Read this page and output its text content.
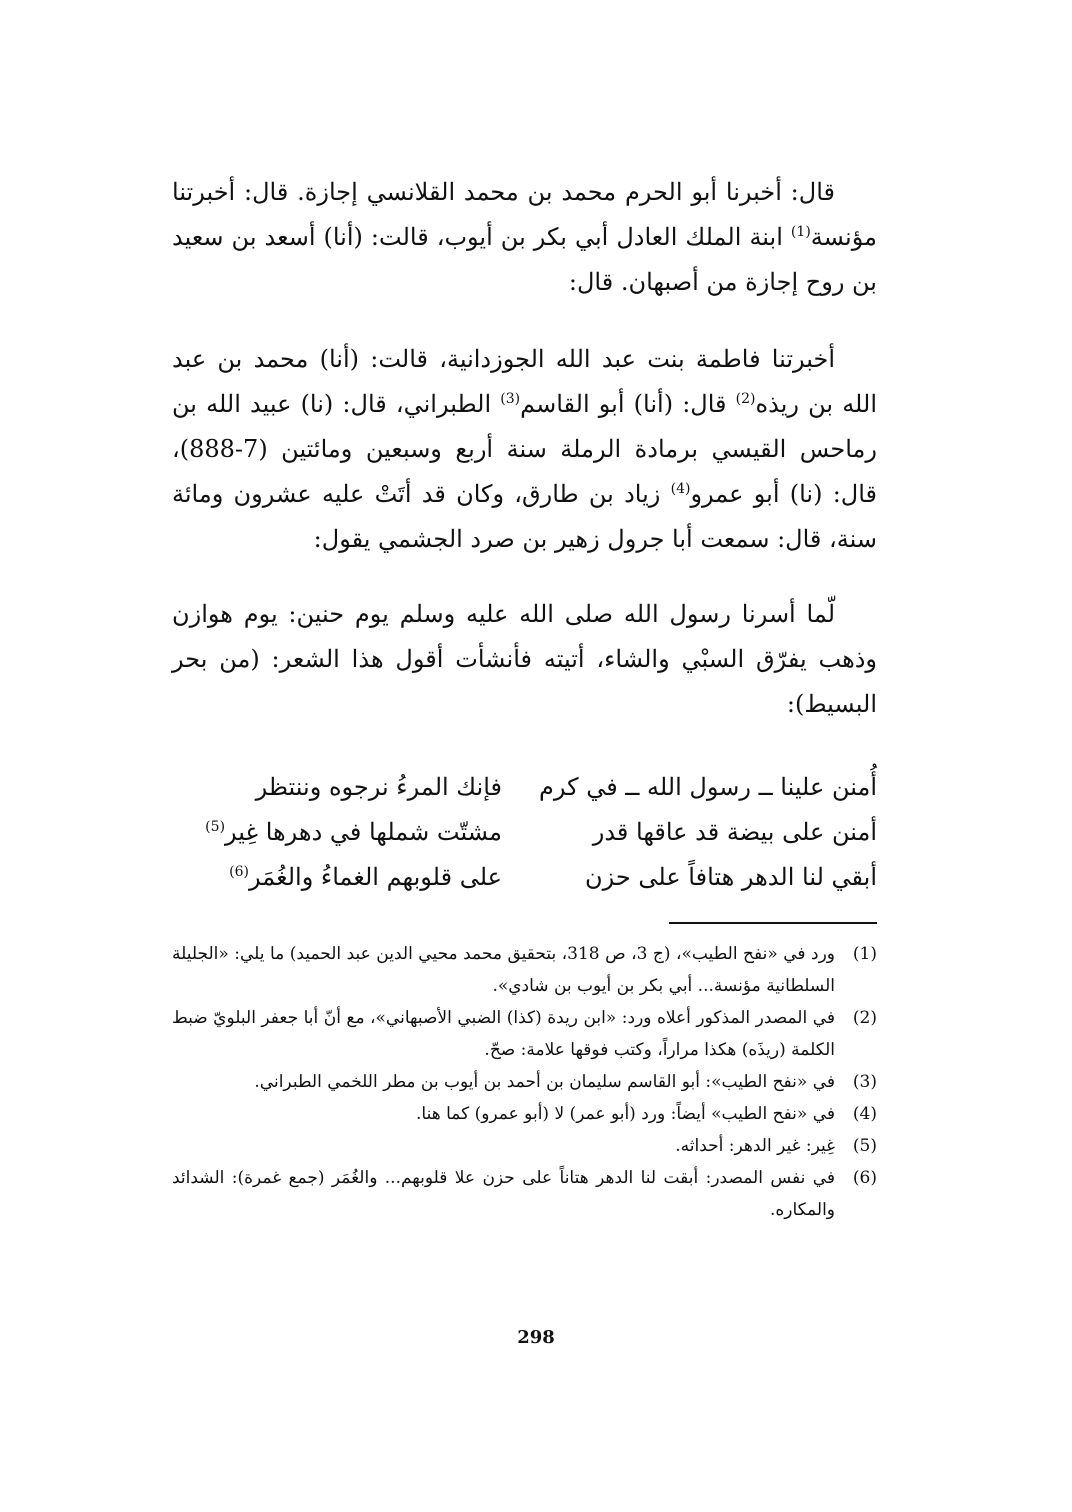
قال: أخبرنا أبو الحرم محمد بن محمد القلانسي إجازة. قال: أخبرتنا مؤنسة$^{(1)}$ ابنة الملك العادل أبي بكر بن أيوب، قالت: (أنا) أسعد بن سعيد بن روح إجازة من أصبهان. قال:

أخبرتنا فاطمة بنت عبد الله الجوزدانية، قالت: (أنا) محمد بن عبد الله بن ريذه$^{(2)}$ قال: (أنا) أبو القاسم$^{(3)}$ الطبراني، قال: (نا) عبيد الله بن رماحس القيسي برمادة الرملة سنة أربع وسبعين ومائتين (7-888)، قال: (نا) أبو عمرو$^{(4)}$ زياد بن طارق، وكان قد أتَتْ عليه عشرون ومائة سنة، قال: سمعت أبا جرول زهير بن صرد الجشمي يقول:

لّما أسرنا رسول الله صلى الله عليه وسلم يوم حنين: يوم هوازن وذهب يفرّق السبْي والشاء، أتيته فأنشأت أقول هذا الشعر: (من بحر البسيط):

أُمنن علينا ــ رسول الله ــ في كرم
فإنك المرءُ نرجوه وننتظر
أمنن على بيضة قد عاقها قدر
مشتّت شملها في دهرها غِير$^{(5)}$
أبقي لنا الدهر هتافاً على حزن
على قلوبهم الغماءُ والغُمَر$^{(6)}$
(1)
ورد في «نفح الطيب»، (ج 3، ص 318، بتحقيق محمد محيي الدين عبد الحميد) ما يلي: «الجليلة السلطانية مؤنسة... أبي بكر بن أيوب بن شادي».
(2)
في المصدر المذكور أعلاه ورد: «ابن ريدة (كذا) الضبي الأصبهاني»، مع أنّ أبا جعفر البلويّ ضبط الكلمة (ريذَه) هكذا مراراً، وكتب فوقها علامة: صحّ.
(3)
في «نفح الطيب»: أبو القاسم سليمان بن أحمد بن أيوب بن مطر اللخمي الطبراني.
(4)
في «نفح الطيب» أيضاً: ورد (أبو عمر) لا (أبو عمرو) كما هنا.
(5)
غِير: غير الدهر: أحداثه.
(6)
في نفس المصدر: أبقت لنا الدهر هتاناً على حزن علا قلوبهم... والغُمَر (جمع غمرة): الشدائد والمكاره.
298
